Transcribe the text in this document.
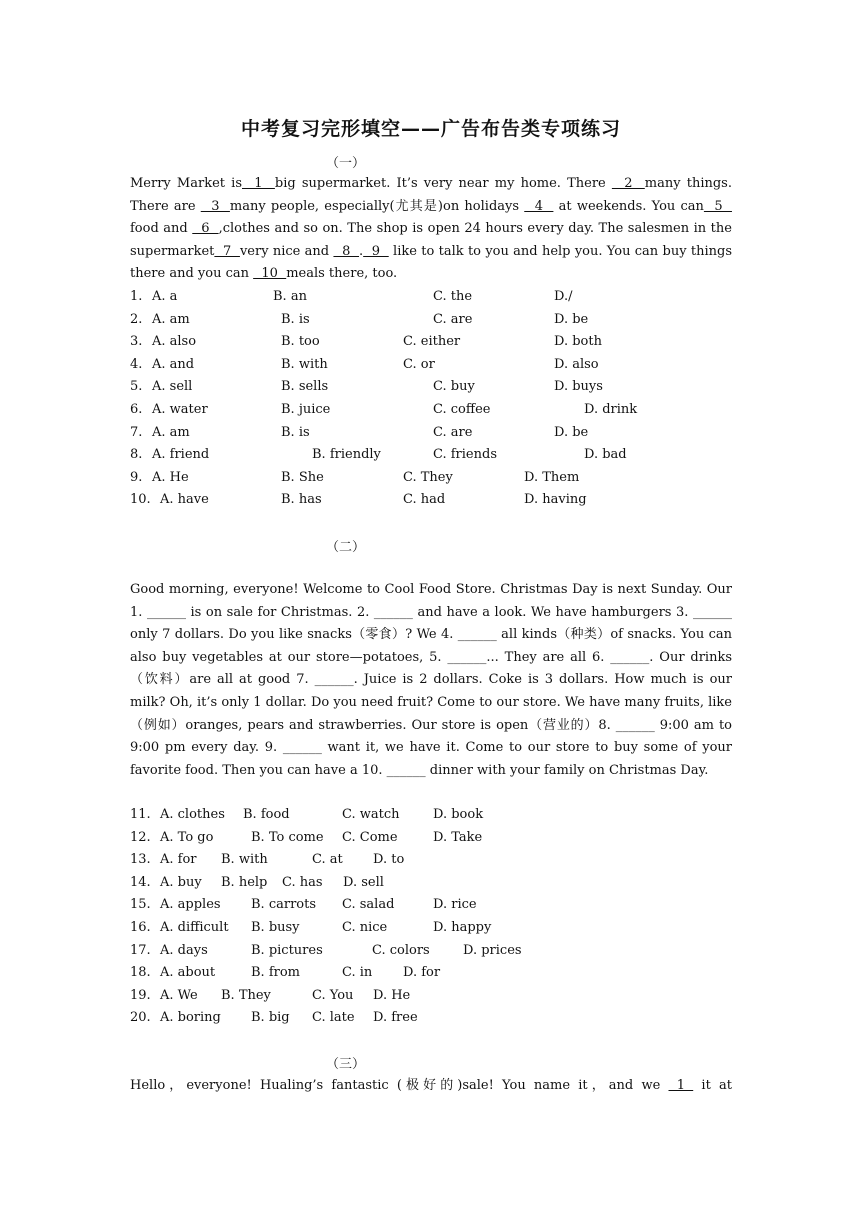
中考复习完形填空——广告布告类专项练习
（一）
Merry Market is  1  big supermarket. It’s very near my home. There   2  many things. There are   3  many people, especially(尤其是)on holidays   4   at weekends. You can  5   food and   6  ,clothes and so on. The shop is open 24 hours every day. The salesmen in the supermarket  7  very nice and   8  .  9   like to talk to you and help you. You can buy things there and you can   10  meals there, too.
1. A. a	B. an	C. the	D./
2. A. am	B. is	C. are	D. be
3. A. also	B. too	C. either	D. both
4. A. and	B. with	C. or	D. also
5. A. sell	B. sells	C. buy	D. buys
6. A. water	B. juice	C. coffee	D. drink
7. A. am	B. is	C. are	D. be
8. A. friend	B. friendly	C. friends	D. bad
9. A. He	B. She	C. They	D. Them
10. A. have	B. has	C. had	D. having
（二）
Good morning, everyone! Welcome to Cool Food Store. Christmas Day is next Sunday. Our 1. ______ is on sale for Christmas. 2. ______ and have a look. We have hamburgers 3. ______ only 7 dollars. Do you like snacks（零食）? We 4. ______ all kinds（种类）of snacks. You can also buy vegetables at our store—potatoes, 5. ______... They are all 6. ______. Our drinks（饮料）are all at good 7. ______. Juice is 2 dollars. Coke is 3 dollars. How much is our milk? Oh, it’s only 1 dollar. Do you need fruit? Come to our store. We have many fruits, like（例如）oranges, pears and strawberries. Our store is open（营业的）8. ______ 9:00 am to 9:00 pm every day. 9. ______ want it, we have it. Come to our store to buy some of your favorite food. Then you can have a 10. ______ dinner with your family on Christmas Day.
11. A. clothes B. food	C. watch	D. book
12. A. To go	B. To come C. Come	D. Take
13. A. for B. with	C. at D. to
14. A. buy B. help C. has D. sell
15. A. apples B. carrots C. salad	D. rice
16. A. difficult B. busy	C. nice	D. happy
17. A. days	B. pictures	C. colors	D. prices
18. A. about	B. from	C. in D. for
19. A. We B. They	C. You D. He
20. A. boring B. big C. late D. free
（三）
Hello，everyone! Hualing’s fantastic (极好的)sale! You name it，and we  1  it at
